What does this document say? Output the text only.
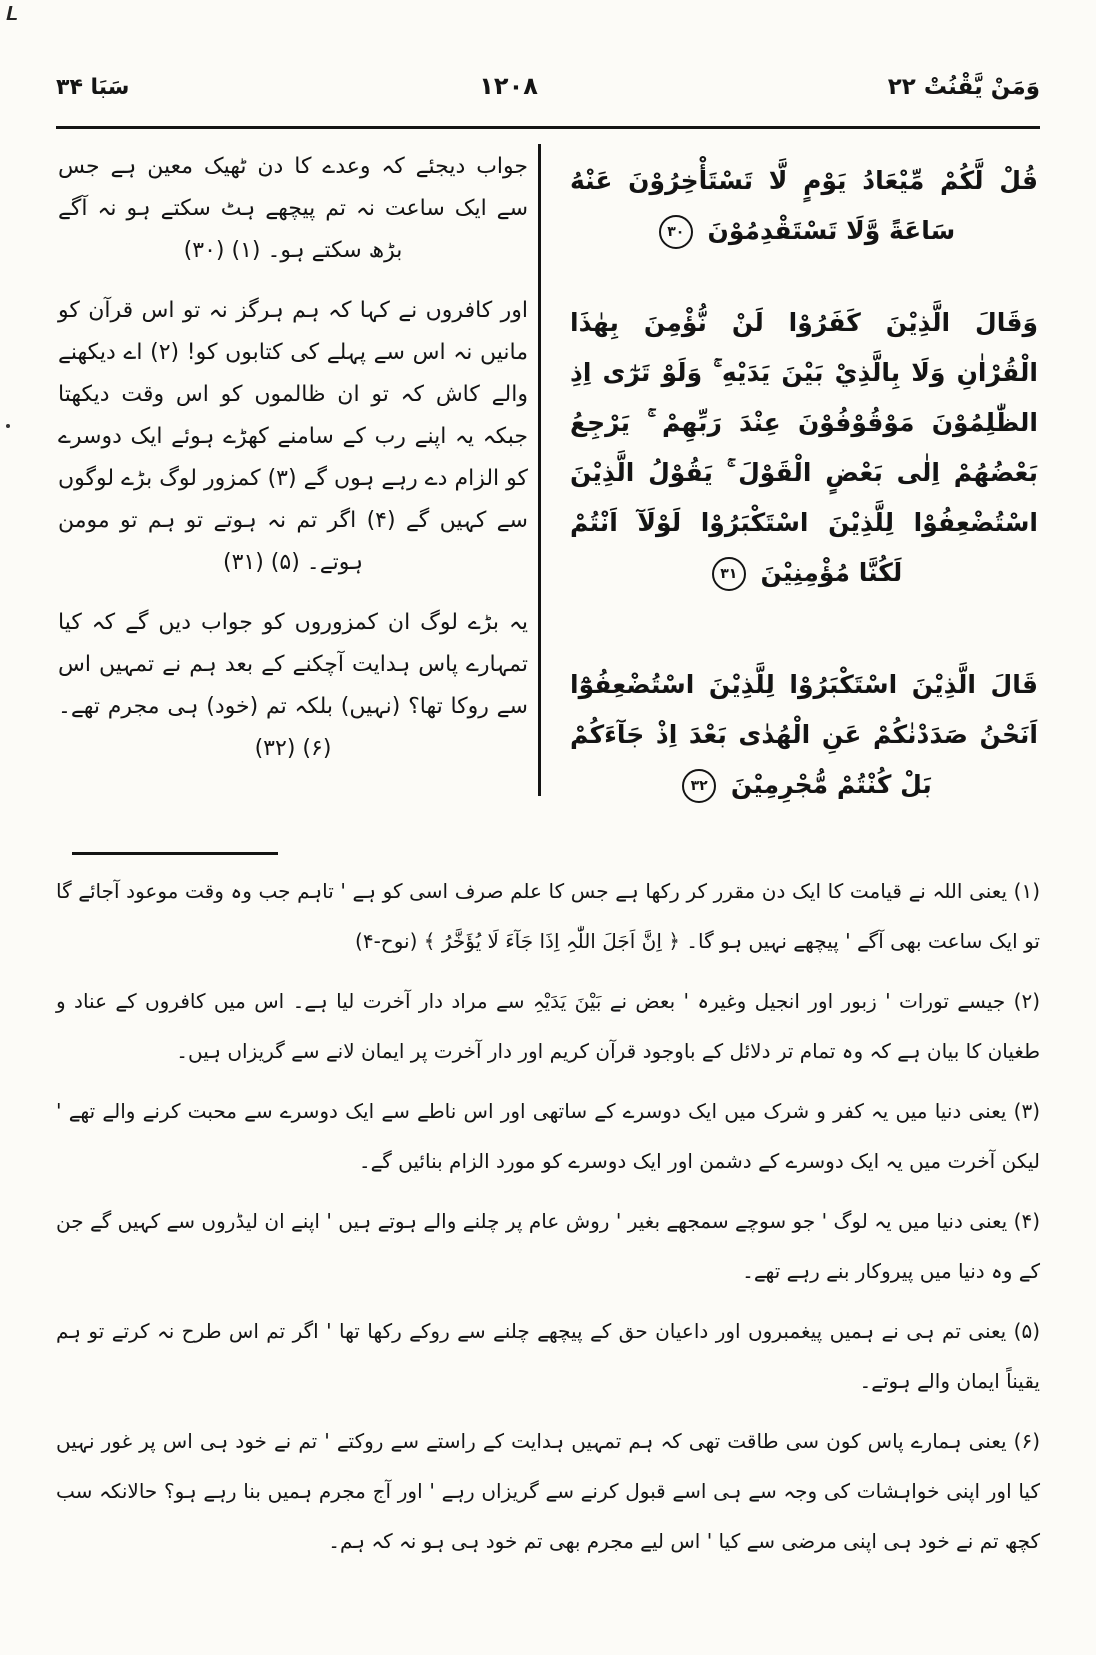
وَمَنْ يَّقْنُتْ ۲۲
۱۲۰۸
سَبَا ۳۴
قُلْ لَّكُمْ مِّيْعَادُ يَوْمٍ لَّا تَسْتَأْخِرُوْنَ عَنْهُ سَاعَةً وَّلَا تَسْتَقْدِمُوْنَ ۳۰
وَقَالَ الَّذِيْنَ كَفَرُوْا لَنْ نُّؤْمِنَ بِهٰذَا الْقُرْاٰنِ وَلَا بِالَّذِيْ بَيْنَ يَدَيْهِ ۚ وَلَوْ تَرٰٓى اِذِ الظّٰلِمُوْنَ مَوْقُوْفُوْنَ عِنْدَ رَبِّهِمْ ۚ يَرْجِعُ بَعْضُهُمْ اِلٰى بَعْضٍ الْقَوْلَ ۚ يَقُوْلُ الَّذِيْنَ اسْتُضْعِفُوْا لِلَّذِيْنَ اسْتَكْبَرُوْا لَوْلَآ اَنْتُمْ لَكُنَّا مُؤْمِنِيْنَ ۳۱
قَالَ الَّذِيْنَ اسْتَكْبَرُوْا لِلَّذِيْنَ اسْتُضْعِفُوْٓا اَنَحْنُ صَدَدْنٰكُمْ عَنِ الْهُدٰى بَعْدَ اِذْ جَآءَكُمْ بَلْ كُنْتُمْ مُّجْرِمِيْنَ ۳۲

جواب دیجئے کہ وعدے کا دن ٹھیک معین ہے جس سے ایک ساعت نہ تم پیچھے ہٹ سکتے ہو نہ آگے بڑھ سکتے ہو۔ (۱) (۳۰)

اور کافروں نے کہا کہ ہم ہرگز نہ تو اس قرآن کو مانیں نہ اس سے پہلے کی کتابوں کو! (۲) اے دیکھنے والے کاش کہ تو ان ظالموں کو اس وقت دیکھتا جبکہ یہ اپنے رب کے سامنے کھڑے ہوئے ایک دوسرے کو الزام دے رہے ہوں گے (۳) کمزور لوگ بڑے لوگوں سے کہیں گے (۴) اگر تم نہ ہوتے تو ہم تو مومن ہوتے۔ (۵) (۳۱)

یہ بڑے لوگ ان کمزوروں کو جواب دیں گے کہ کیا تمہارے پاس ہدایت آچکنے کے بعد ہم نے تمہیں اس سے روکا تھا؟ (نہیں) بلکہ تم (خود) ہی مجرم تھے۔ (۶) (۳۲)

(۱) یعنی اللہ نے قیامت کا ایک دن مقرر کر رکھا ہے جس کا علم صرف اسی کو ہے ' تاہم جب وہ وقت موعود آجائے گا تو ایک ساعت بھی آگے ' پیچھے نہیں ہو گا۔ ﴿ اِنَّ اَجَلَ اللّٰہِ اِذَا جَآءَ لَا یُؤَخَّرُ ﴾ (نوح-۴)

(۲) جیسے تورات ' زبور اور انجیل وغیرہ ' بعض نے بَیْنَ یَدَیْہِ سے مراد دار آخرت لیا ہے۔ اس میں کافروں کے عناد و طغیان کا بیان ہے کہ وہ تمام تر دلائل کے باوجود قرآن کریم اور دار آخرت پر ایمان لانے سے گریزاں ہیں۔

(۳) یعنی دنیا میں یہ کفر و شرک میں ایک دوسرے کے ساتھی اور اس ناطے سے ایک دوسرے سے محبت کرنے والے تھے ' لیکن آخرت میں یہ ایک دوسرے کے دشمن اور ایک دوسرے کو مورد الزام بنائیں گے۔

(۴) یعنی دنیا میں یہ لوگ ' جو سوچے سمجھے بغیر ' روش عام پر چلنے والے ہوتے ہیں ' اپنے ان لیڈروں سے کہیں گے جن کے وہ دنیا میں پیروکار بنے رہے تھے۔

(۵) یعنی تم ہی نے ہمیں پیغمبروں اور داعیان حق کے پیچھے چلنے سے روکے رکھا تھا ' اگر تم اس طرح نہ کرتے تو ہم یقیناً ایمان والے ہوتے۔

(۶) یعنی ہمارے پاس کون سی طاقت تھی کہ ہم تمہیں ہدایت کے راستے سے روکتے ' تم نے خود ہی اس پر غور نہیں کیا اور اپنی خواہشات کی وجہ سے ہی اسے قبول کرنے سے گریزاں رہے ' اور آج مجرم ہمیں بنا رہے ہو؟ حالانکہ سب کچھ تم نے خود ہی اپنی مرضی سے کیا ' اس لیے مجرم بھی تم خود ہی ہو نہ کہ ہم۔
